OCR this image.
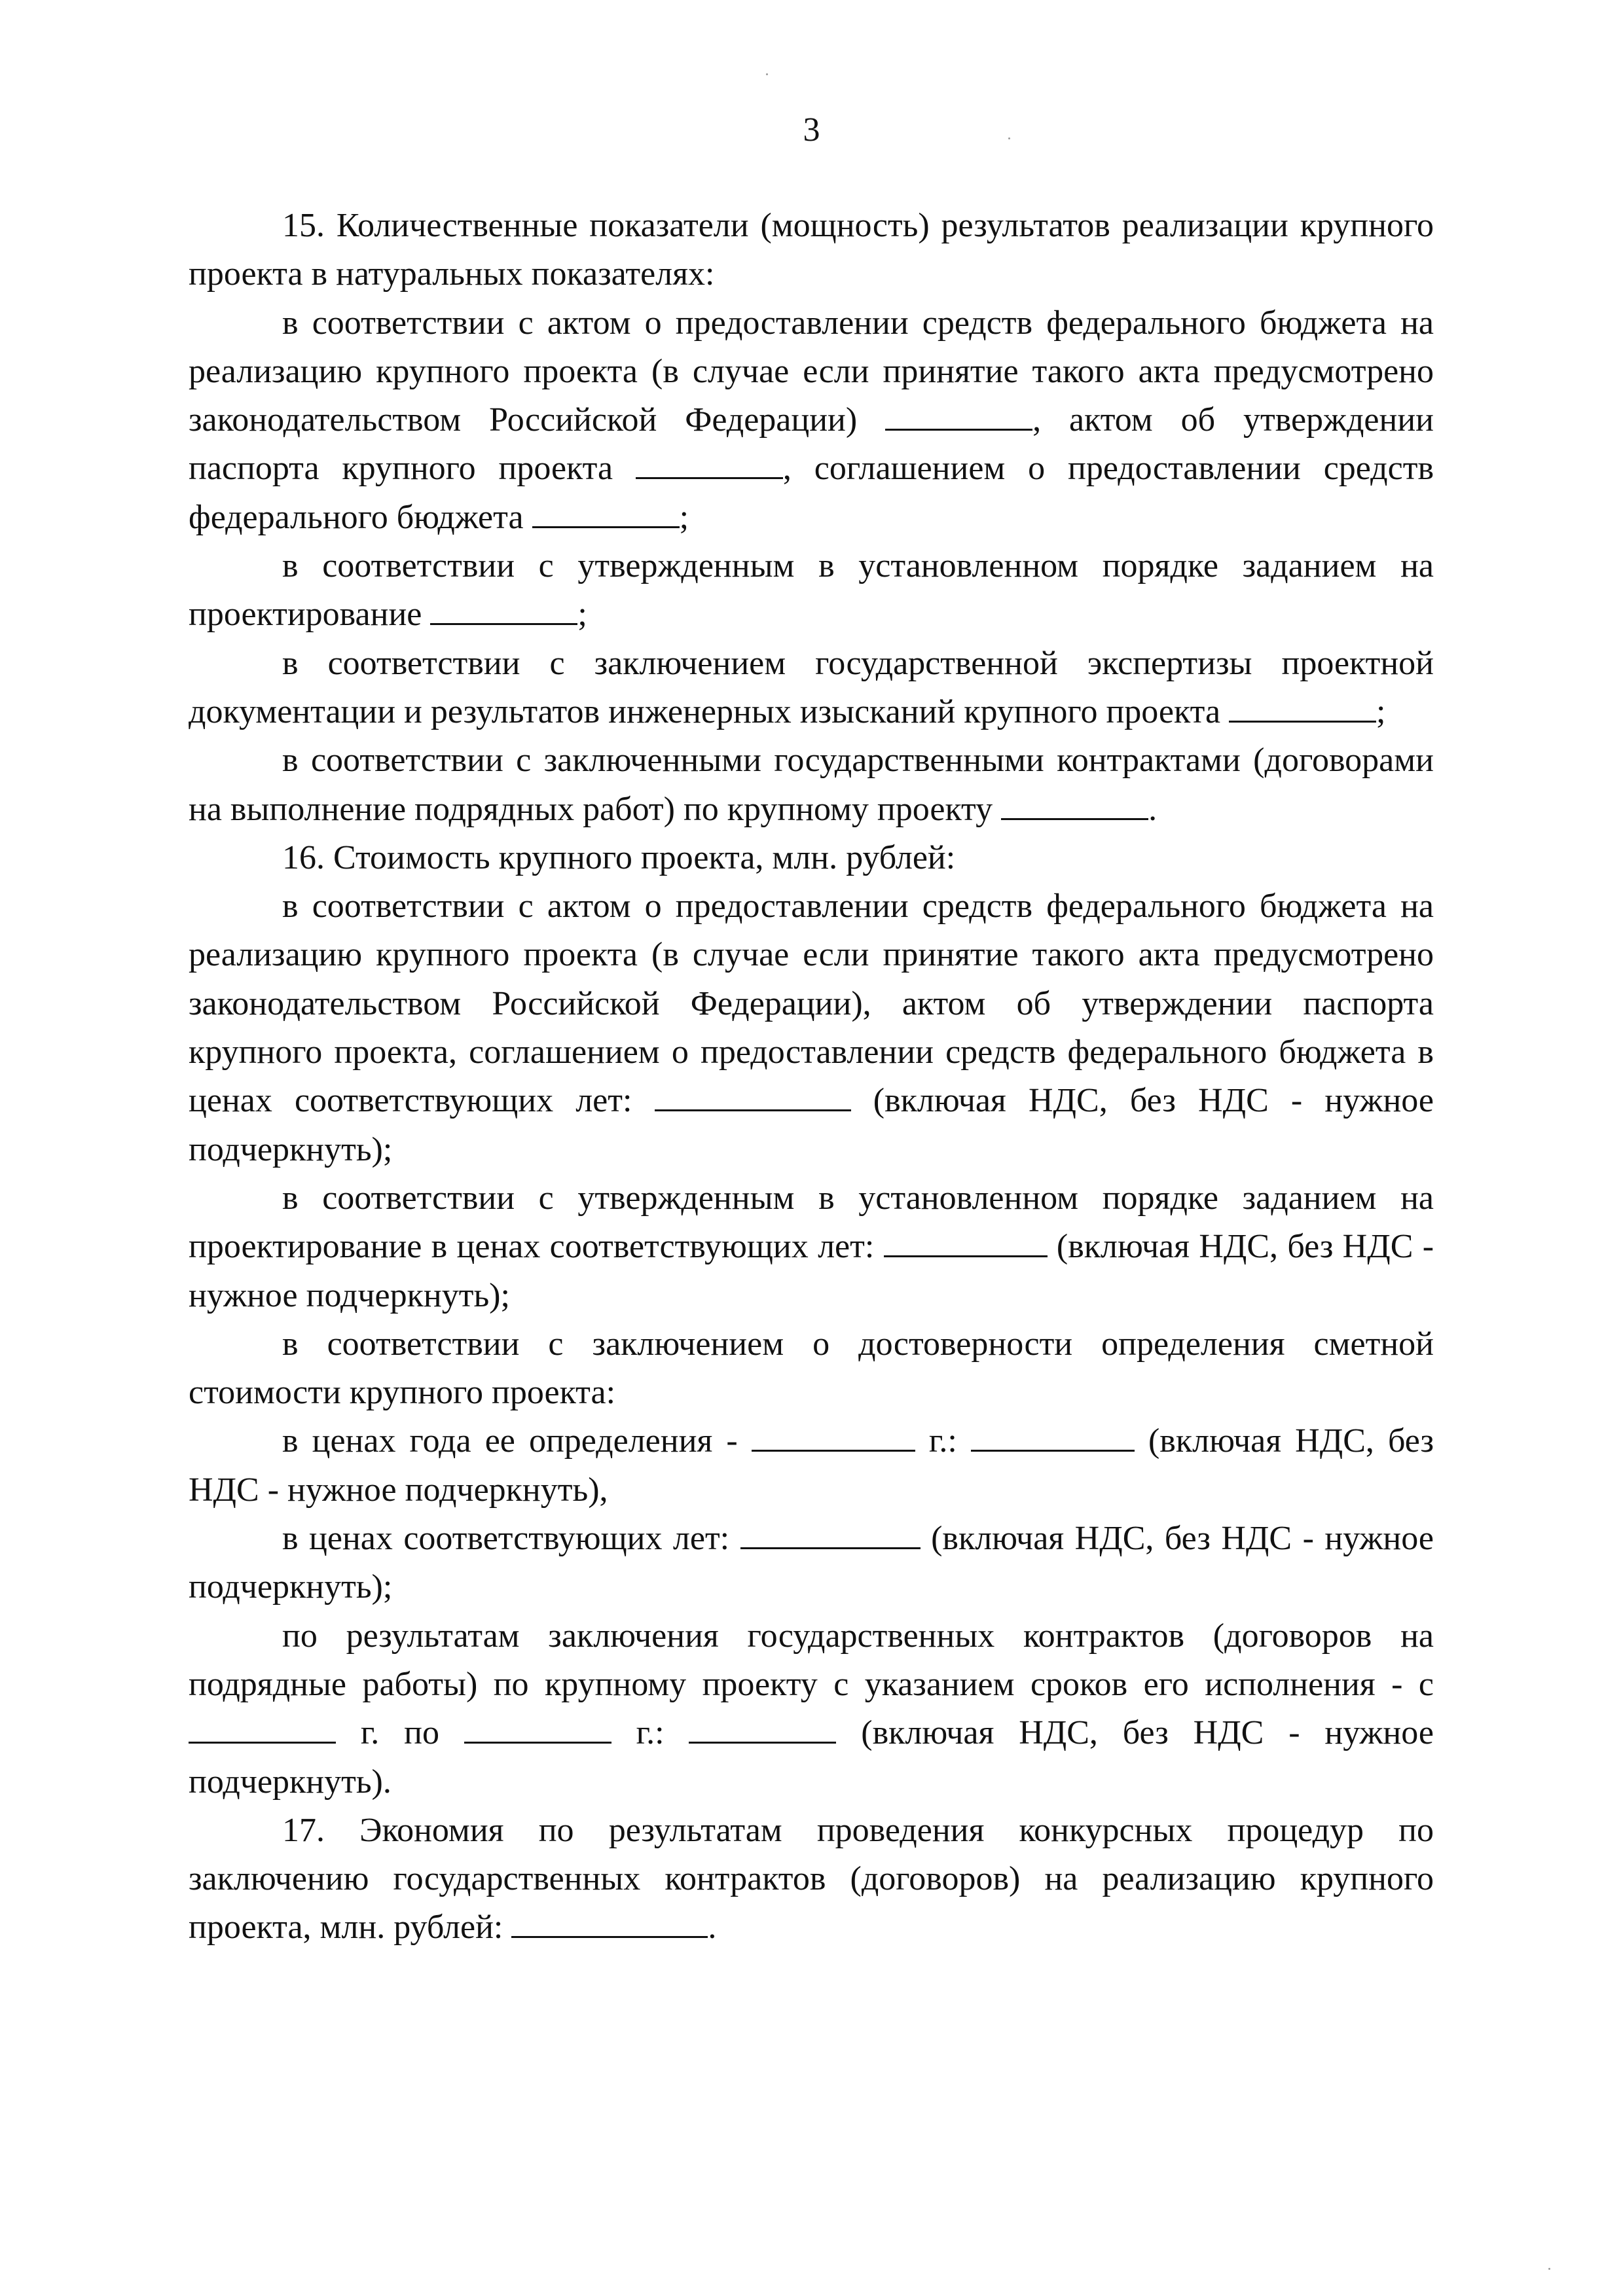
3

15. Количественные показатели (мощность) результатов реализации крупного проекта в натуральных показателях:

в соответствии с актом о предоставлении средств федерального бюджета на реализацию крупного проекта (в случае если принятие такого акта предусмотрено законодательством Российской Федерации)	, актом об утверждении паспорта крупного проекта	, соглашением о предоставлении средств федерального бюджета	;

в соответствии с утвержденным в установленном порядке заданием на проектирование	;

в соответствии с заключением государственной экспертизы проектной документации и результатов инженерных изысканий крупного проекта	;

в соответствии с заключенными государственными контрактами (договорами на выполнение подрядных работ) по крупному проекту	.

16. Стоимость крупного проекта, млн. рублей:

в соответствии с актом о предоставлении средств федерального бюджета на реализацию крупного проекта (в случае если принятие такого акта предусмотрено законодательством Российской Федерации), актом об утверждении паспорта крупного проекта, соглашением о предоставлении средств федерального бюджета в ценах соответствующих лет:	(включая НДС, без НДС - нужное подчеркнуть);

в соответствии с утвержденным в установленном порядке заданием на проектирование в ценах соответствующих лет:	(включая НДС, без НДС - нужное подчеркнуть);

в соответствии с заключением о достоверности определения сметной стоимости крупного проекта:

в ценах года ее определения -	г.:	(включая НДС, без НДС - нужное подчеркнуть),

в ценах соответствующих лет:	(включая НДС, без НДС - нужное подчеркнуть);

по результатам заключения государственных контрактов (договоров на подрядные работы) по крупному проекту с указанием сроков его исполнения - с  г. по	г.:	(включая НДС, без НДС - нужное подчеркнуть).

17. Экономия по результатам проведения конкурсных процедур по заключению государственных контрактов (договоров) на реализацию крупного проекта, млн. рублей:	.
